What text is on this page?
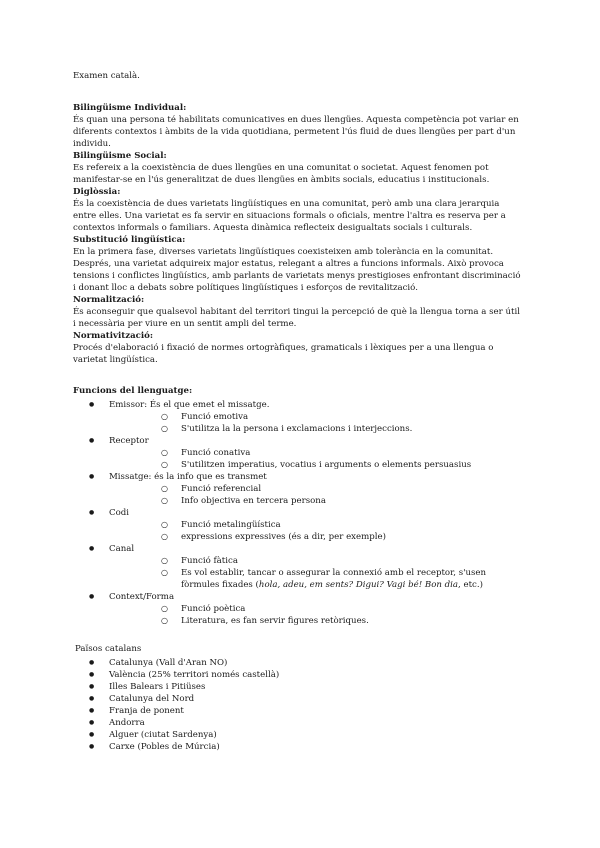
Examen català.

Bilingüisme Individual:

És quan una persona té habilitats comunicatives en dues llengües. Aquesta competència pot variar en diferents contextos i àmbits de la vida quotidiana, permetent l'ús fluid de dues llengües per part d'un individu.

Bilingüisme Social:

Es refereix a la coexistència de dues llengües en una comunitat o societat. Aquest fenomen pot manifestar-se en l'ús generalitzat de dues llengües en àmbits socials, educatius i institucionals.

Diglòssia:

És la coexistència de dues varietats lingüístiques en una comunitat, però amb una clara jerarquia entre elles. Una varietat es fa servir en situacions formals o oficials, mentre l'altra es reserva per a contextos informals o familiars. Aquesta dinàmica reflecteix desigualtats socials i culturals.

Substitució lingüística:

En la primera fase, diverses varietats lingüístiques coexisteixen amb tolerància en la comunitat. Després, una varietat adquireix major estatus, relegant a altres a funcions informals. Això provoca tensions i conflictes lingüístics, amb parlants de varietats menys prestigioses enfrontant discriminació i donant lloc a debats sobre polítiques lingüístiques i esforços de revitalització.

Normalització:

És aconseguir que qualsevol habitant del territori tingui la percepció de què la llengua torna a ser útil i necessària per viure en un sentit ampli del terme.

Normativització:

Procés d'elaboració i fixació de normes ortogràfiques, gramaticals i lèxiques per a una llengua o varietat lingüística.

Funcions del llenguatge:

● Emissor: És el que emet el missatge.
○ Funció emotiva
○ S'utilitza la la persona i exclamacions i interjeccions.
● Receptor
○ Funció conativa
○ S'utilitzen imperatius, vocatius i arguments o elements persuasius
● Missatge: és la info que es transmet
○ Funció referencial
○ Info objectiva en tercera persona
● Codi
○ Funció metalingüística
○ expressions expressives (és a dir, per exemple)
● Canal
○ Funció fàtica
○ Es vol establir, tancar o assegurar la connexió amb el receptor, s'usen fòrmules fixades (hola, adeu, em sents? Digui? Vagi bé! Bon dia, etc.)
● Context/Forma
○ Funció poètica
○ Literatura, es fan servir figures retòriques.

Països catalans

● Catalunya (Vall d'Aran NO)
● València (25% territori només castellà)
● Illes Balears i Pitiüses
● Catalunya del Nord
● Franja de ponent
● Andorra
● Alguer (ciutat Sardenya)
● Carxe (Pobles de Múrcia)
